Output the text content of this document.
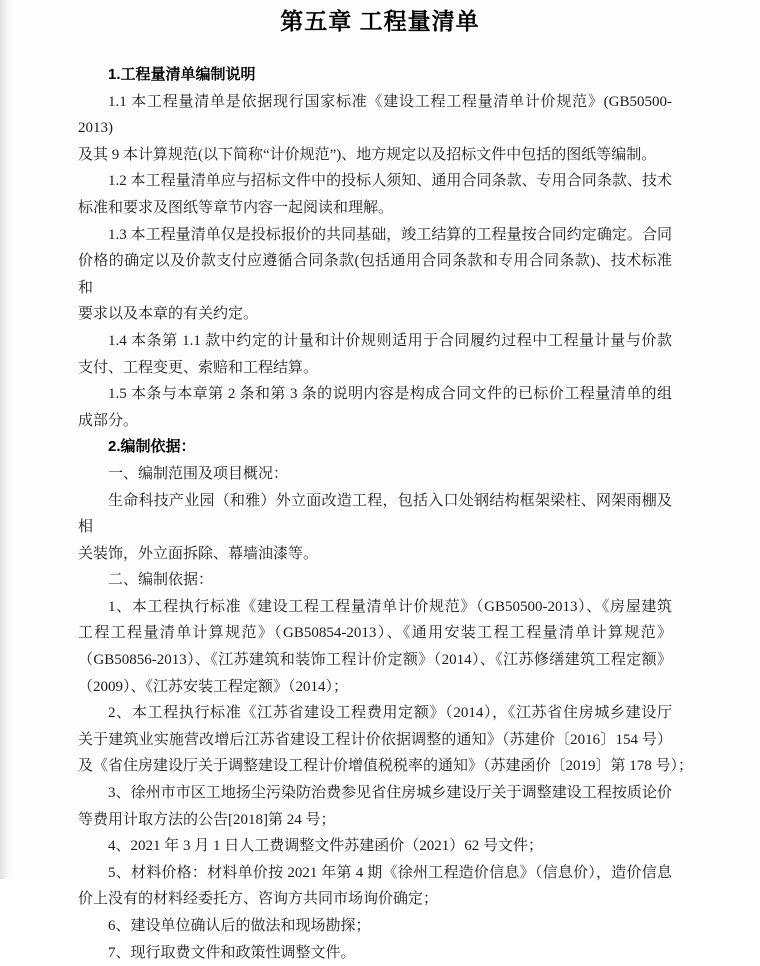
第五章 工程量清单
1.工程量清单编制说明
1.1 本工程量清单是依据现行国家标准《建设工程工程量清单计价规范》(GB50500-2013)
及其 9 本计算规范(以下简称“计价规范”)、地方规定以及招标文件中包括的图纸等编制。
1.2 本工程量清单应与招标文件中的投标人须知、通用合同条款、专用合同条款、技术
标准和要求及图纸等章节内容一起阅读和理解。
1.3 本工程量清单仅是投标报价的共同基础，竣工结算的工程量按合同约定确定。合同
价格的确定以及价款支付应遵循合同条款(包括通用合同条款和专用合同条款)、技术标准和
要求以及本章的有关约定。
1.4 本条第 1.1 款中约定的计量和计价规则适用于合同履约过程中工程量计量与价款
支付、工程变更、索赔和工程结算。
1.5 本条与本章第 2 条和第 3 条的说明内容是构成合同文件的已标价工程量清单的组
成部分。
2.编制依据：
一、编制范围及项目概况：
生命科技产业园（和雅）外立面改造工程，包括入口处钢结构框架梁柱、网架雨棚及相
关装饰，外立面拆除、幕墙油漆等。
二、编制依据：
1、本工程执行标准《建设工程工程量清单计价规范》（GB50500-2013）、《房屋建筑
工程工程量清单计算规范》（GB50854-2013）、《通用安装工程工程量清单计算规范》
（GB50856-2013）、《江苏建筑和装饰工程计价定额》（2014）、《江苏修缮建筑工程定额》
（2009）、《江苏安装工程定额》（2014）；
2、本工程执行标准《江苏省建设工程费用定额》（2014），《江苏省住房城乡建设厅
关于建筑业实施营改增后江苏省建设工程计价依据调整的通知》（苏建价〔2016〕154 号）
及《省住房建设厅关于调整建设工程计价增值税税率的通知》（苏建函价〔2019〕第 178 号）；
3、徐州市市区工地扬尘污染防治费参见省住房城乡建设厅关于调整建设工程按质论价
等费用计取方法的公告[2018]第 24 号；
4、2021 年 3 月 1 日人工费调整文件苏建函价（2021）62 号文件；
5、材料价格：材料单价按 2021 年第 4 期《徐州工程造价信息》（信息价），造价信息
价上没有的材料经委托方、咨询方共同市场询价确定；
6、建设单位确认后的做法和现场勘探；
7、现行取费文件和政策性调整文件。
